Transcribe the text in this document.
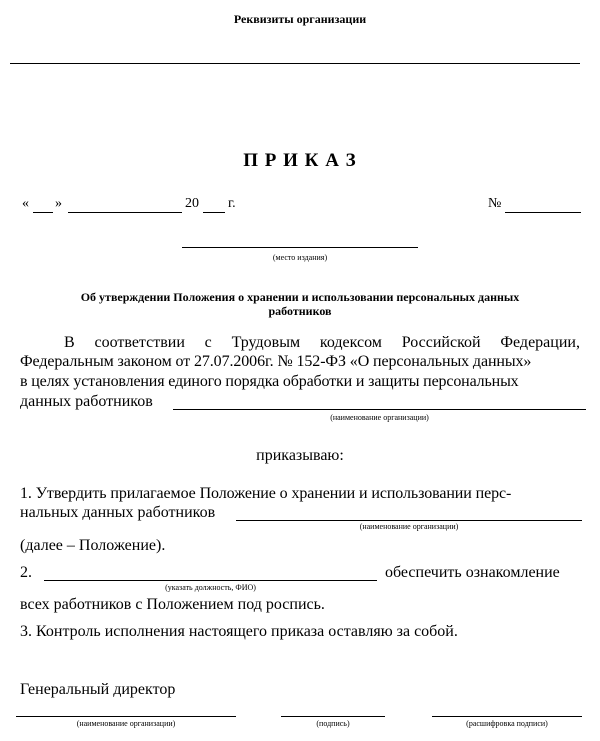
Реквизиты организации
П Р И К А З
« »	20 г.	№
(место издания)
Об утверждении Положения о хранении и использовании персональных данных
работников
В соответствии с Трудовым кодексом Российской Федерации,
Федеральным законом от 27.07.2006г. № 152-ФЗ «О персональных данных»
в целях установления единого порядка обработки и защиты персональных
данных работников
(наименование организации)
приказываю:
1. Утвердить прилагаемое Положение о хранении и использовании перс-
нальных данных работников
(наименование организации)
(далее – Положение).
2.
(указать должность, ФИО)
обеспечить ознакомление
всех работников с Положением под роспись.
3. Контроль исполнения настоящего приказа оставляю за собой.
Генеральный директор
(наименование организации)	(подпись)	(расшифровка подписи)
